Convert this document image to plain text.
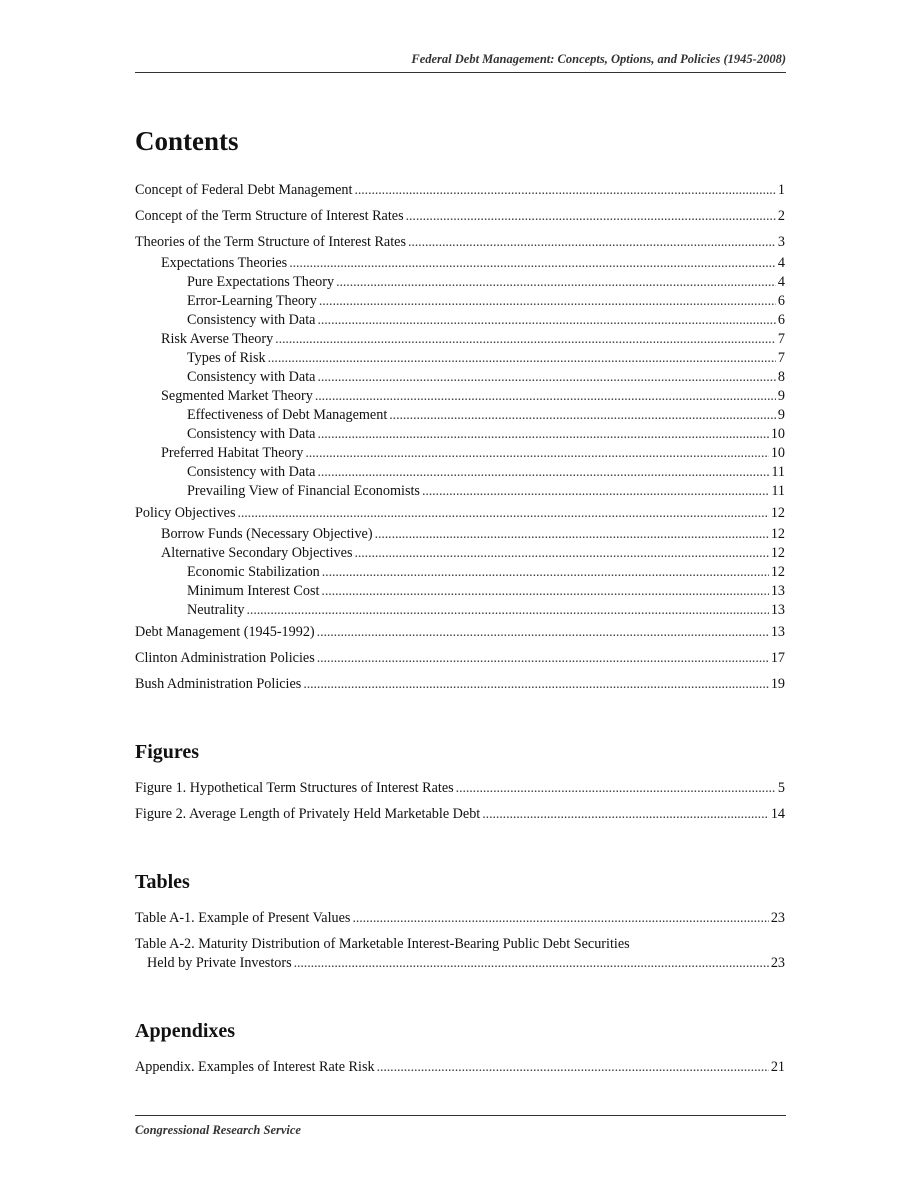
Federal Debt Management: Concepts, Options, and Policies (1945-2008)
Contents
Concept of Federal Debt Management . . .	1
Concept of the Term Structure of Interest Rates . . .	2
Theories of the Term Structure of Interest Rates . . .	3
Expectations Theories . . .	4
Pure Expectations Theory . . .	4
Error-Learning Theory . . .	6
Consistency with Data . . .	6
Risk Averse Theory . . .	7
Types of Risk . . .	7
Consistency with Data . . .	8
Segmented Market Theory . . .	9
Effectiveness of Debt Management . . .	9
Consistency with Data . . .	10
Preferred Habitat Theory . . .	10
Consistency with Data . . .	11
Prevailing View of Financial Economists . . .	11
Policy Objectives . . .	12
Borrow Funds (Necessary Objective) . . .	12
Alternative Secondary Objectives . . .	12
Economic Stabilization . . .	12
Minimum Interest Cost . . .	13
Neutrality . . .	13
Debt Management (1945-1992) . . .	13
Clinton Administration Policies . . .	17
Bush Administration Policies . . .	19
Figures
Figure 1. Hypothetical Term Structures of Interest Rates . . .	5
Figure 2. Average Length of Privately Held Marketable Debt . . .	14
Tables
Table A-1. Example of Present Values . . .	23
Table A-2. Maturity Distribution of Marketable Interest-Bearing Public Debt Securities
Held by Private Investors . . .	23
Appendixes
Appendix. Examples of Interest Rate Risk . . .	21
Congressional Research Service
